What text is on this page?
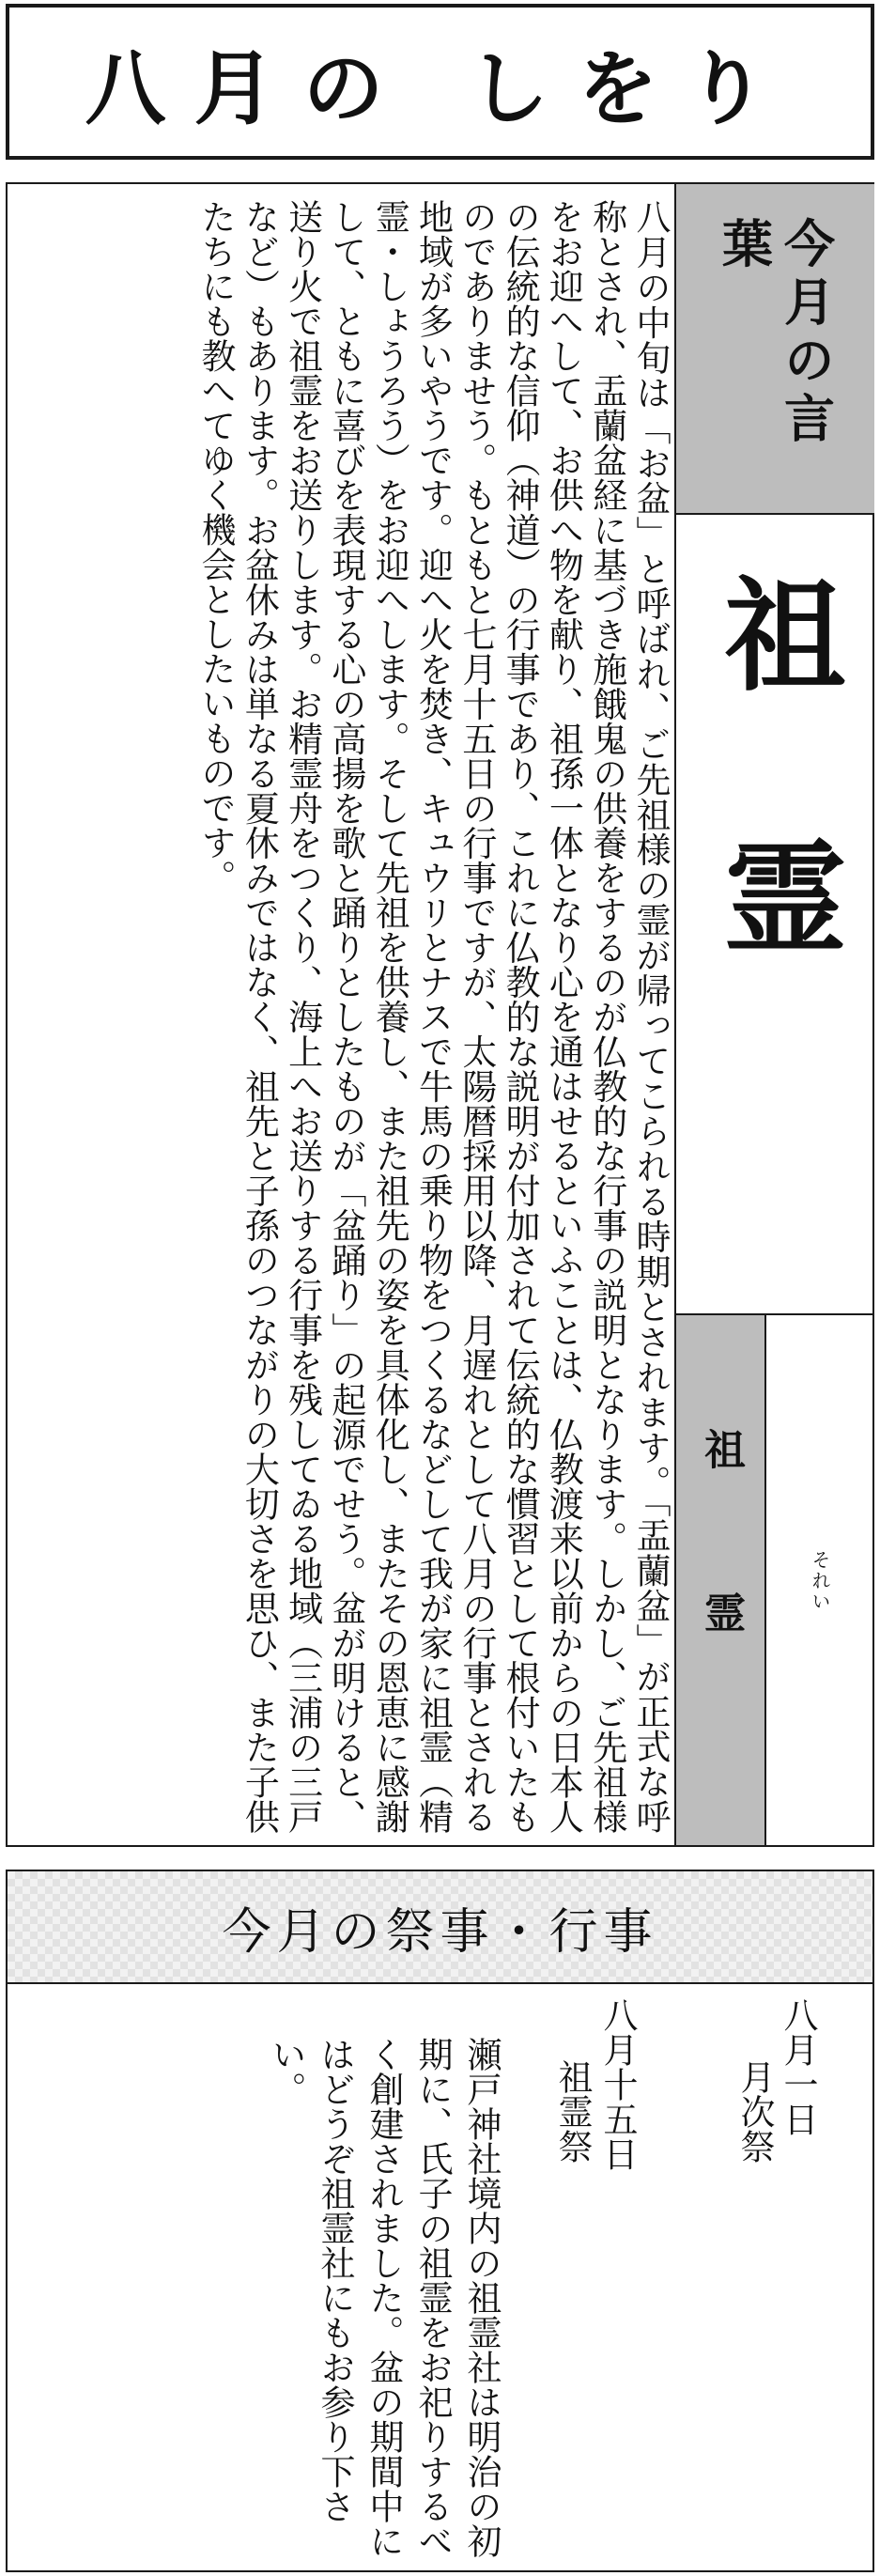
八月の しをり
八月の中旬は「お盆」と呼ばれ、ご先祖様の霊が帰ってこられる時期とされます。「盂蘭盆」が正式な呼称とされ、盂蘭盆経に基づき施餓鬼の供養をするのが仏教的な行事の説明となります。しかし、ご先祖様をお迎へして、お供へ物を献り、祖孫一体となり心を通はせるといふことは、仏教渡来以前からの日本人の伝統的な信仰（神道）の行事であり、これに仏教的な説明が付加されて伝統的な慣習として根付いたものでありませう。もともと七月十五日の行事ですが、太陽暦採用以降、月遅れとして八月の行事とされる地域が多いやうです。迎へ火を焚き、キュウリとナスで牛馬の乗り物をつくるなどして我が家に祖霊（精霊・しょうろう）をお迎へします。そして先祖を供養し、また祖先の姿を具体化し、またその恩恵に感謝して、ともに喜びを表現する心の高揚を歌と踊りとしたものが「盆踊り」の起源でせう。盆が明けると、送り火で祖霊をお送りします。お精霊舟をつくり、海上へお送りする行事を残してゐる地域（三浦の三戸など）もあります。お盆休みは単なる夏休みではなく、祖先と子孫のつながりの大切さを思ひ、また子供たちにも教へてゆく機会としたいものです。	今月の言葉
祖霊
祖霊	それい
今月の祭事・行事
八月一日
月次祭
八月十五日
祖霊祭
瀬戸神社境内の祖霊社は明治の初期に、氏子の祖霊をお祀りするべく創建されました。盆の期間中にはどうぞ祖霊社にもお参り下さい。
